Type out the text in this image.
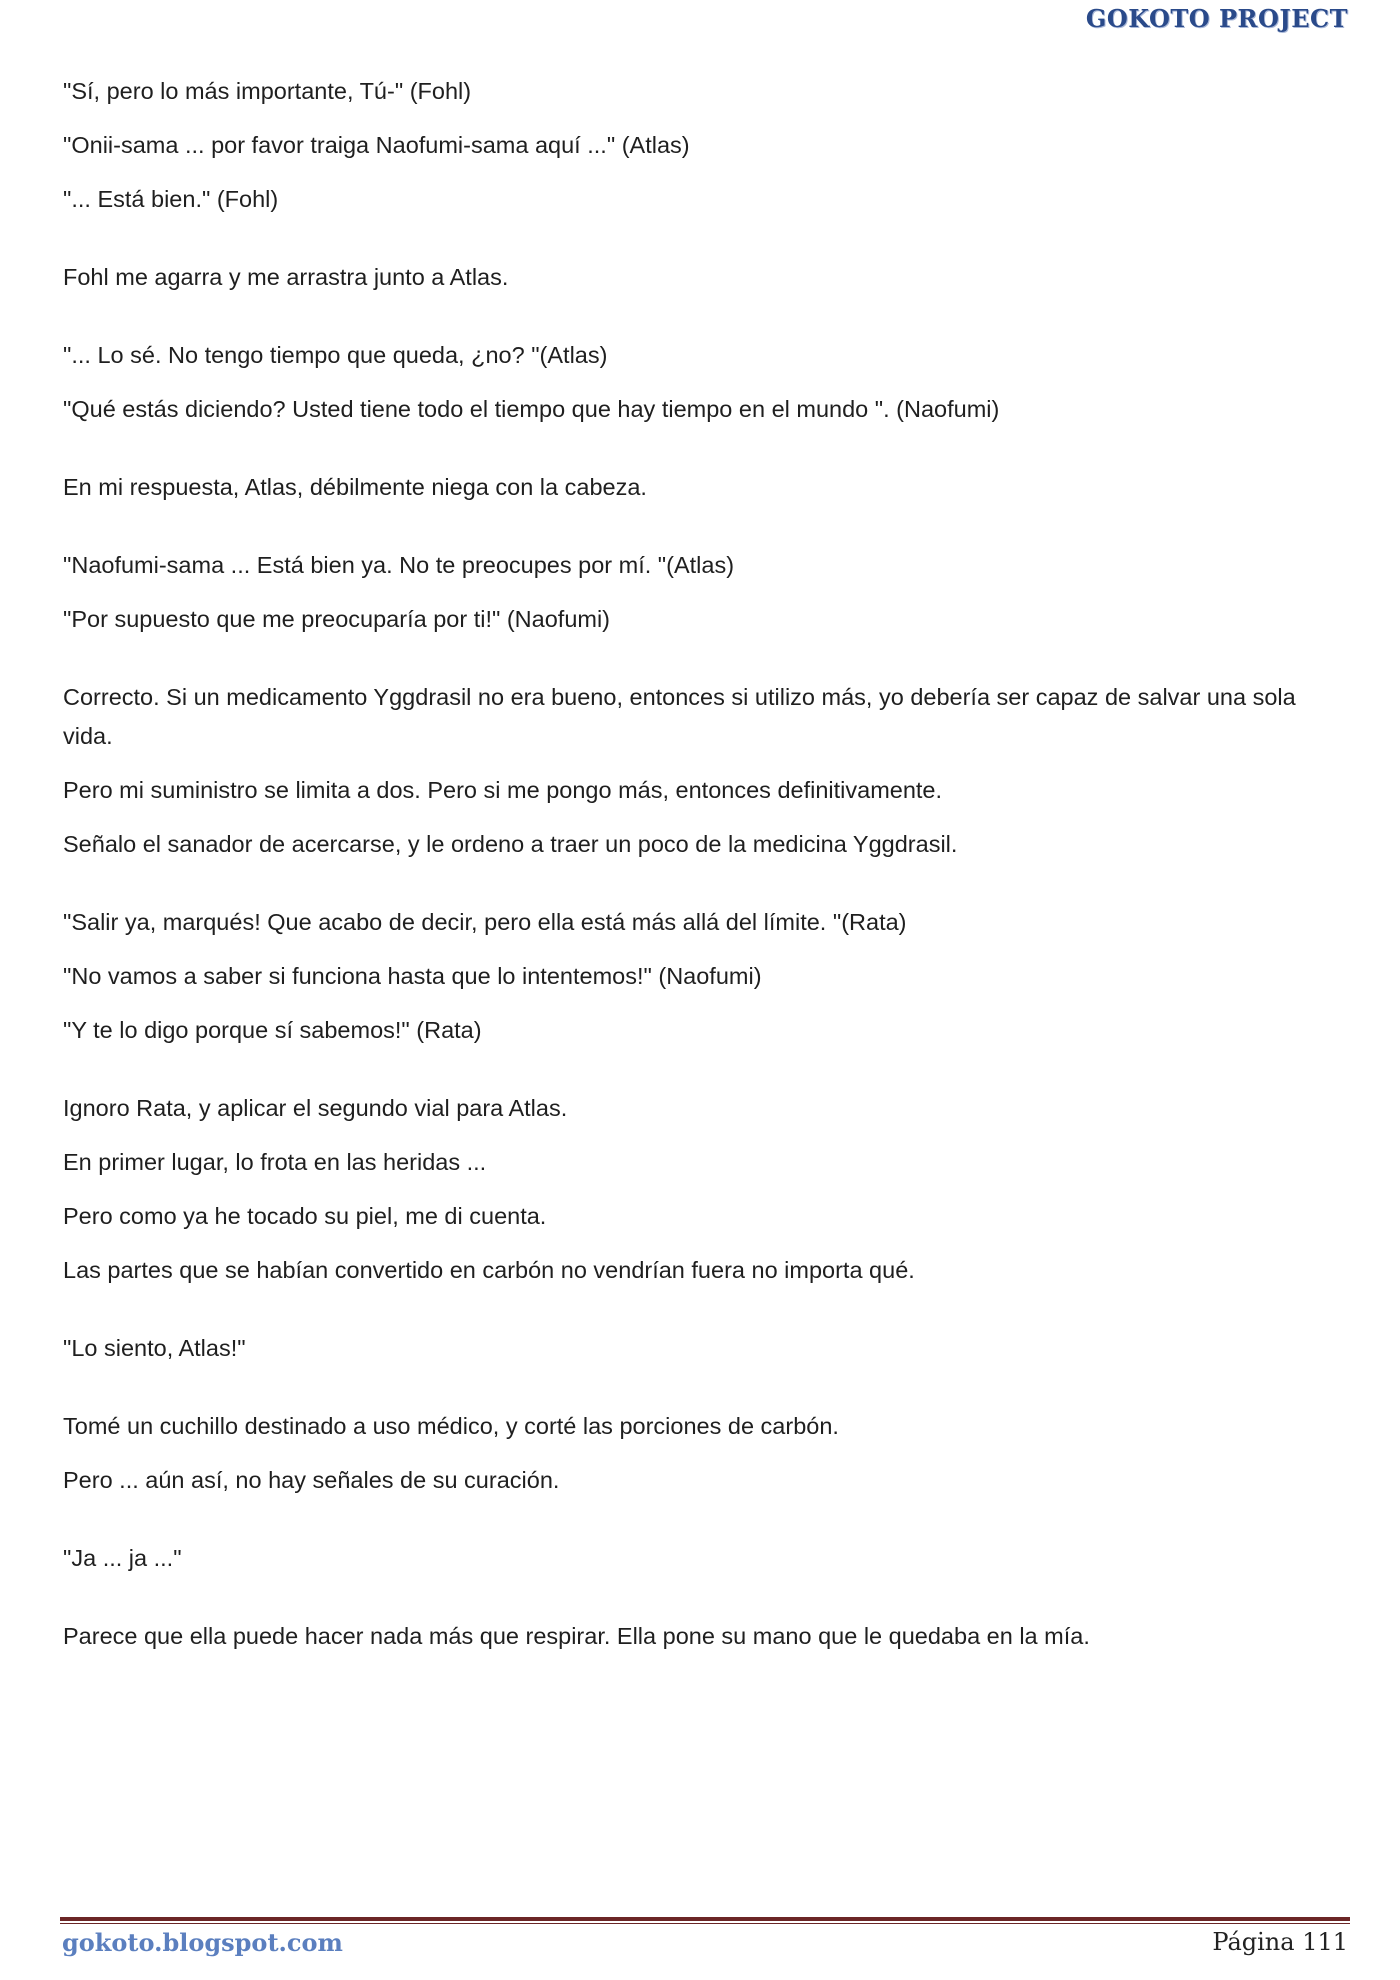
GOKOTO PROJECT

"Sí, pero lo más importante, Tú-" (Fohl)

"Onii-sama ... por favor traiga Naofumi-sama aquí ..." (Atlas)

"... Está bien." (Fohl)

Fohl me agarra y me arrastra junto a Atlas.

"... Lo sé. No tengo tiempo que queda, ¿no? "(Atlas)

"Qué estás diciendo? Usted tiene todo el tiempo que hay tiempo en el mundo ". (Naofumi)

En mi respuesta, Atlas, débilmente niega con la cabeza.

"Naofumi-sama ... Está bien ya. No te preocupes por mí. "(Atlas)

"Por supuesto que me preocuparía por ti!" (Naofumi)

Correcto. Si un medicamento Yggdrasil no era bueno, entonces si utilizo más, yo debería ser capaz de salvar una sola vida.

Pero mi suministro se limita a dos. Pero si me pongo más, entonces definitivamente.

Señalo el sanador de acercarse, y le ordeno a traer un poco de la medicina Yggdrasil.

"Salir ya, marqués! Que acabo de decir, pero ella está más allá del límite. "(Rata)

"No vamos a saber si funciona hasta que lo intentemos!" (Naofumi)

"Y te lo digo porque sí sabemos!" (Rata)

Ignoro Rata, y aplicar el segundo vial para Atlas.

En primer lugar, lo frota en las heridas ...

Pero como ya he tocado su piel, me di cuenta.

Las partes que se habían convertido en carbón no vendrían fuera no importa qué.

"Lo siento, Atlas!"

Tomé un cuchillo destinado a uso médico, y corté las porciones de carbón.

Pero ... aún así, no hay señales de su curación.

"Ja ... ja ..."

Parece que ella puede hacer nada más que respirar. Ella pone su mano que le quedaba en la mía.

gokoto.blogspot.com	Página 111
